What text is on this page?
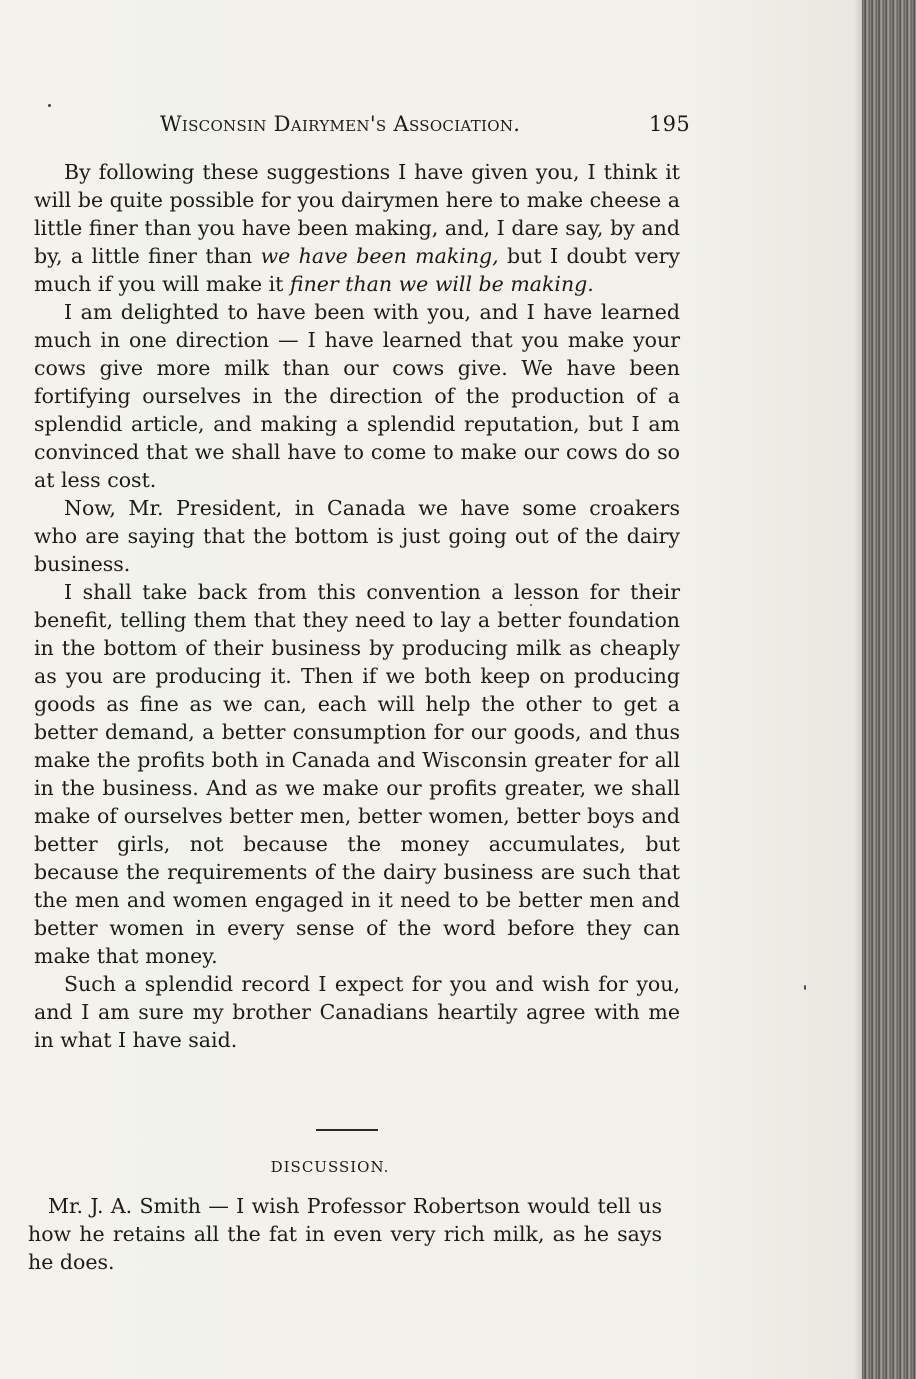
Wisconsin Dairymen's Association.	195

By following these suggestions I have given you, I think it will be quite possible for you dairymen here to make cheese a little finer than you have been making, and, I dare say, by and by, a little finer than we have been making, but I doubt very much if you will make it finer than we will be making.

I am delighted to have been with you, and I have learned much in one direction — I have learned that you make your cows give more milk than our cows give. We have been fortifying ourselves in the direction of the production of a splendid article, and making a splendid reputation, but I am convinced that we shall have to come to make our cows do so at less cost.

Now, Mr. President, in Canada we have some croakers who are saying that the bottom is just going out of the dairy business.

I shall take back from this convention a lesson for their benefit, telling them that they need to lay a better foundation in the bottom of their business by producing milk as cheaply as you are producing it. Then if we both keep on producing goods as fine as we can, each will help the other to get a better demand, a better consumption for our goods, and thus make the profits both in Canada and Wisconsin greater for all in the business. And as we make our profits greater, we shall make of ourselves better men, better women, better boys and better girls, not because the money accumulates, but because the requirements of the dairy business are such that the men and women engaged in it need to be better men and better women in every sense of the word before they can make that money.

Such a splendid record I expect for you and wish for you, and I am sure my brother Canadians heartily agree with me in what I have said.

DISCUSSION.

Mr. J. A. Smith — I wish Professor Robertson would tell us how he retains all the fat in even very rich milk, as he says he does.
